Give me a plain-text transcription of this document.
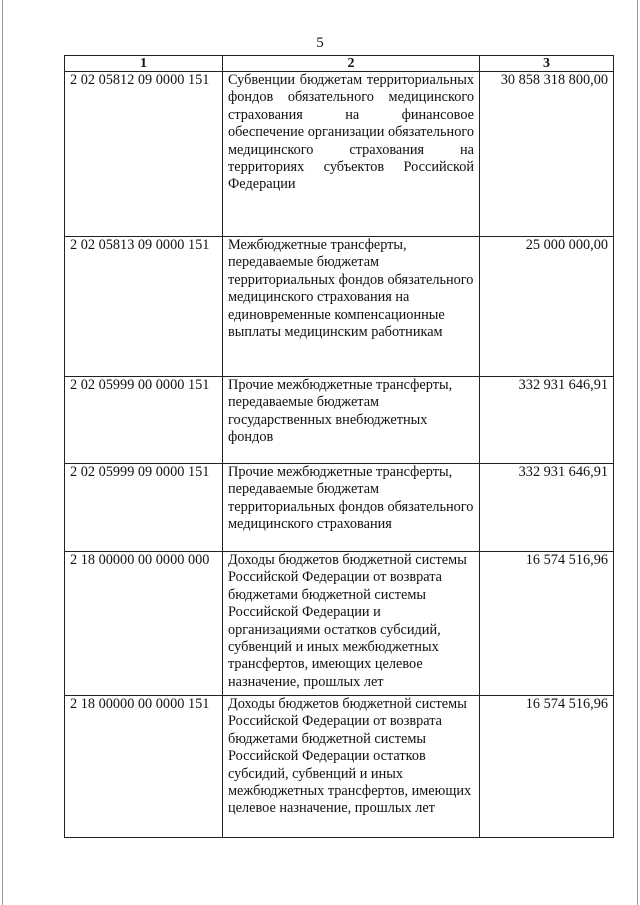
5
1	2	3
2 02 05812 09 0000 151	Субвенции бюджетам территориальных фондов обязательного медицинского страхования на финансовое обеспечение организации обязательного медицинского страхования на территориях субъектов Российской Федерации	30 858 318 800,00
2 02 05813 09 0000 151	Межбюджетные трансферты, передаваемые бюджетам территориальных фондов обязательного медицинского страхования на единовременные компенсационные выплаты медицинским работникам	25 000 000,00
2 02 05999 00 0000 151	Прочие межбюджетные трансферты, передаваемые бюджетам государственных внебюджетных фондов	332 931 646,91
2 02 05999 09 0000 151	Прочие межбюджетные трансферты, передаваемые бюджетам территориальных фондов обязательного медицинского страхования	332 931 646,91
2 18 00000 00 0000 000	Доходы бюджетов бюджетной системы Российской Федерации от возврата бюджетами бюджетной системы Российской Федерации и организациями остатков субсидий, субвенций и иных межбюджетных трансфертов, имеющих целевое назначение, прошлых лет	16 574 516,96
2 18 00000 00 0000 151	Доходы бюджетов бюджетной системы Российской Федерации от возврата бюджетами бюджетной системы Российской Федерации остатков субсидий, субвенций и иных межбюджетных трансфертов, имеющих целевое назначение, прошлых лет	16 574 516,96
